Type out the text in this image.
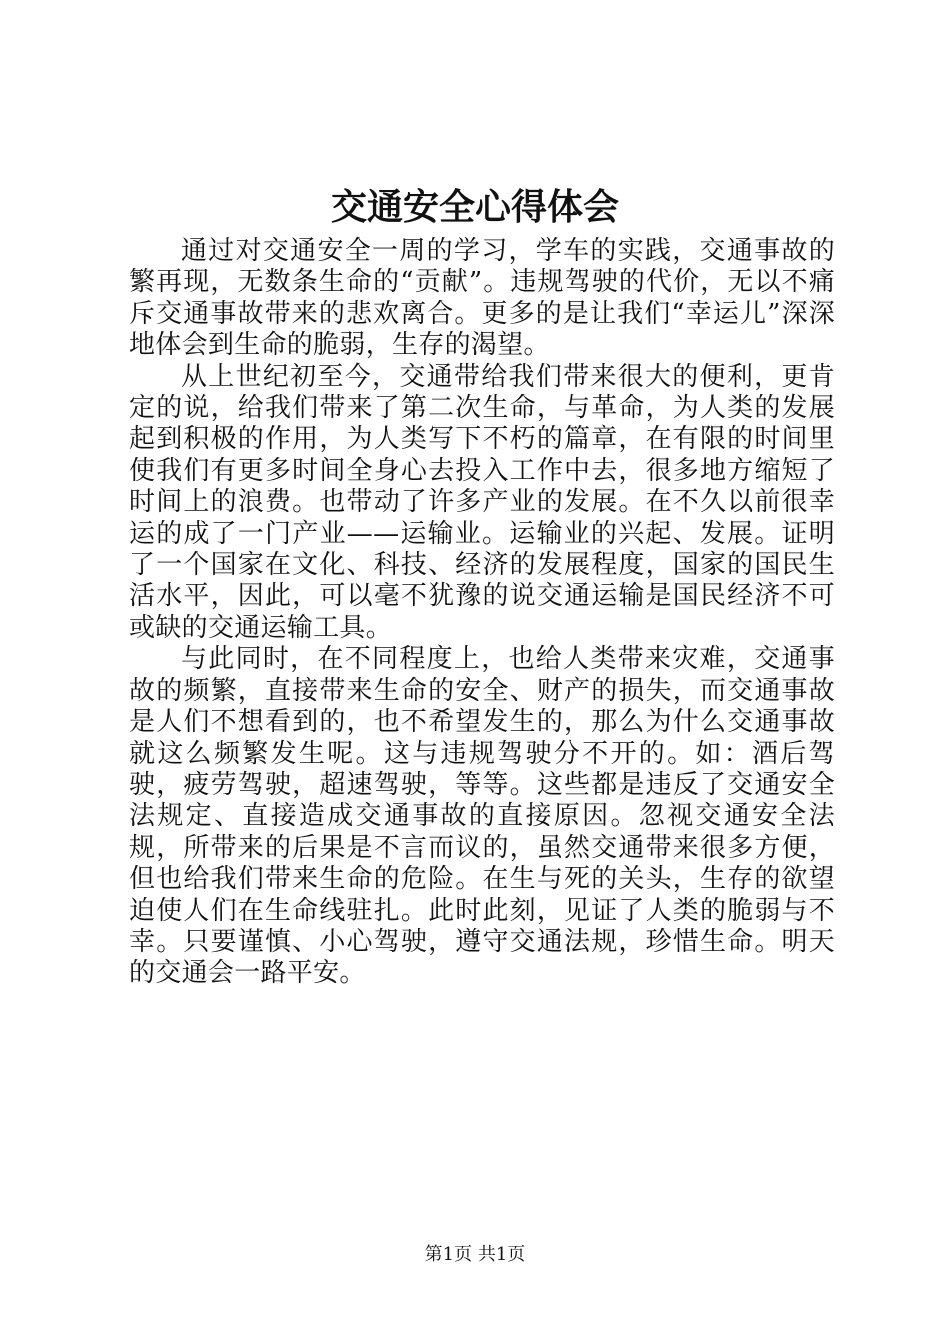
交通安全心得体会

通过对交通安全一周的学习，学车的实践，交通事故的繁再现，无数条生命的“贡献”。违规驾驶的代价，无以不痛斥交通事故带来的悲欢离合。更多的是让我们“幸运儿”深深地体会到生命的脆弱，生存的渴望。

从上世纪初至今，交通带给我们带来很大的便利，更肯定的说，给我们带来了第二次生命，与革命，为人类的发展起到积极的作用，为人类写下不朽的篇章，在有限的时间里使我们有更多时间全身心去投入工作中去，很多地方缩短了时间上的浪费。也带动了许多产业的发展。在不久以前很幸运的成了一门产业——运输业。运输业的兴起、发展。证明了一个国家在文化、科技、经济的发展程度，国家的国民生活水平，因此，可以毫不犹豫的说交通运输是国民经济不可或缺的交通运输工具。

与此同时，在不同程度上，也给人类带来灾难，交通事故的频繁，直接带来生命的安全、财产的损失，而交通事故是人们不想看到的，也不希望发生的，那么为什么交通事故就这么频繁发生呢。这与违规驾驶分不开的。如：酒后驾驶，疲劳驾驶，超速驾驶，等等。这些都是违反了交通安全法规定、直接造成交通事故的直接原因。忽视交通安全法规，所带来的后果是不言而议的，虽然交通带来很多方便，但也给我们带来生命的危险。在生与死的关头，生存的欲望迫使人们在生命线驻扎。此时此刻，见证了人类的脆弱与不幸。只要谨慎、小心驾驶，遵守交通法规，珍惜生命。明天的交通会一路平安。

第1页 共1页
